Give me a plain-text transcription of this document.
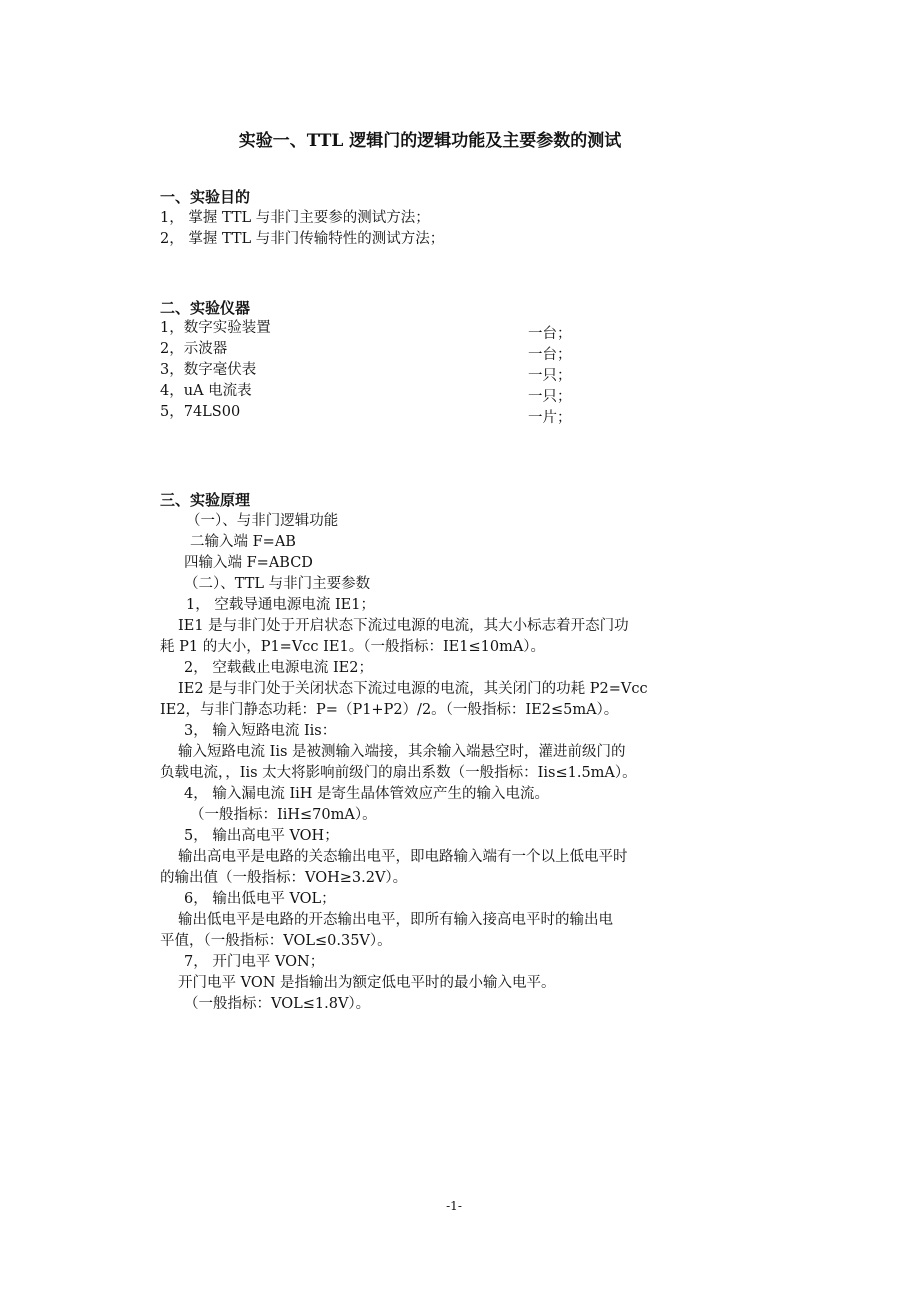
实验一、TTL 逻辑门的逻辑功能及主要参数的测试
一、实验目的
1， 掌握 TTL 与非门主要参的测试方法；
2， 掌握 TTL 与非门传输特性的测试方法；
二、实验仪器
1，数字实验装置
2，示波器
3，数字毫伏表
4，uA 电流表
5，74LS00
一台；
一台；
一只；
一只；
一片；
三、实验原理
（一）、与非门逻辑功能
二输入端 F=AB
四输入端 F=ABCD
（二）、TTL 与非门主要参数
1， 空载导通电源电流 IE1；
IE1 是与非门处于开启状态下流过电源的电流，其大小标志着开态门功
耗 P1 的大小，P1=Vcc IE1。（一般指标：IE1≤10mA）。
2， 空载截止电源电流 IE2；
IE2 是与非门处于关闭状态下流过电源的电流，其关闭门的功耗 P2=Vcc
IE2，与非门静态功耗：P=（P1+P2）/2。（一般指标：IE2≤5mA）。
3， 输入短路电流 Iis：
输入短路电流 Iis 是被测输入端接，其余输入端悬空时，灌进前级门的
负载电流，，Iis 太大将影响前级门的扇出系数（一般指标：Iis≤1.5mA）。
4， 输入漏电流 IiH 是寄生晶体管效应产生的输入电流。
（一般指标：IiH≤70mA）。
5， 输出高电平 VOH；
输出高电平是电路的关态输出电平，即电路输入端有一个以上低电平时
的输出值（一般指标：VOH≥3.2V）。
6， 输出低电平 VOL；
输出低电平是电路的开态输出电平，即所有输入接高电平时的输出电
平值，（一般指标：VOL≤0.35V）。
7， 开门电平 VON；
开门电平 VON 是指输出为额定低电平时的最小输入电平。
（一般指标：VOL≤1.8V）。
-1-
